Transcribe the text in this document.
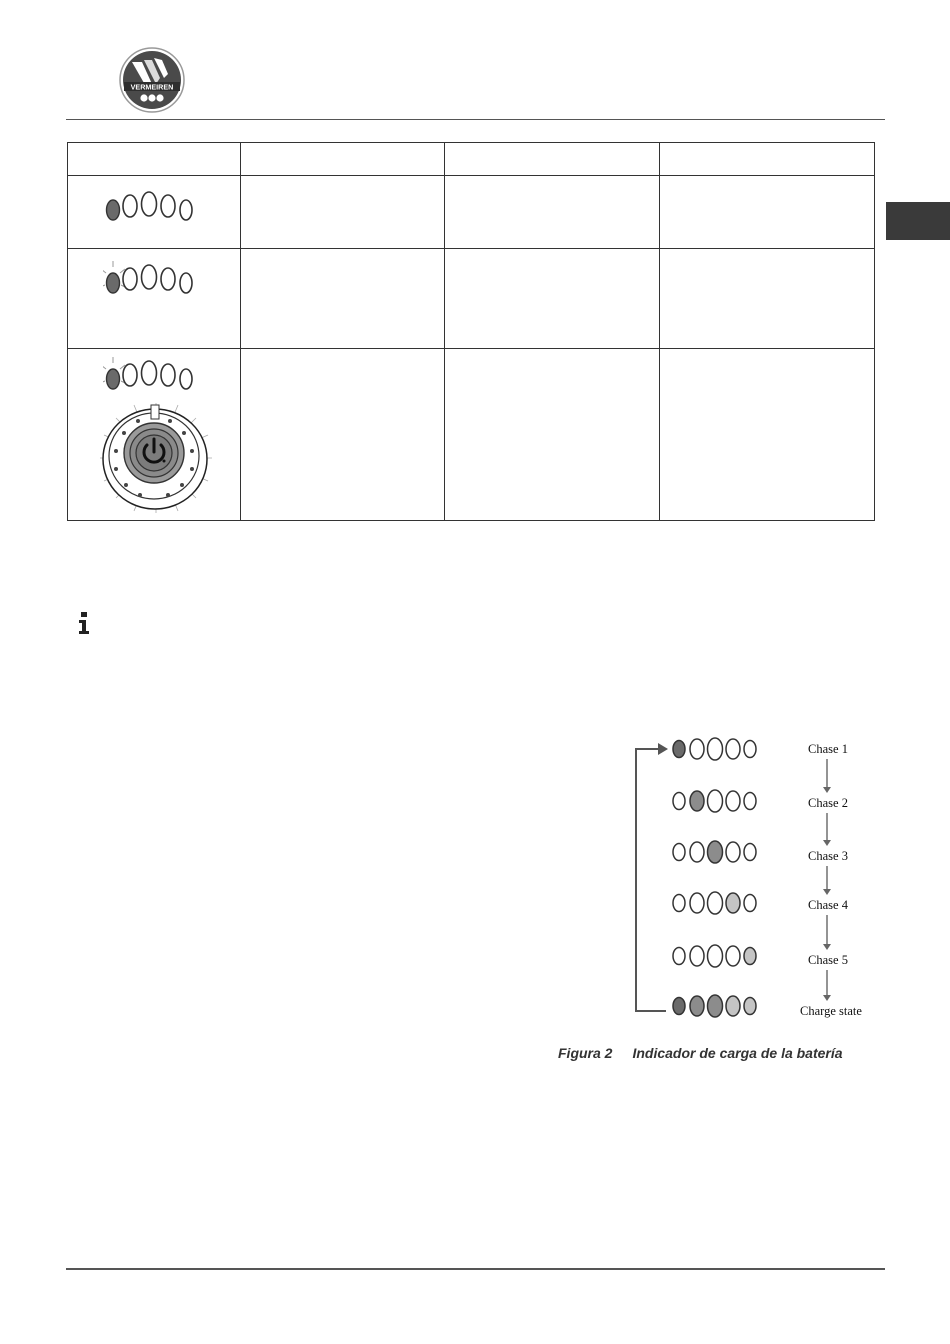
VERMEIREN

Chase 1
Chase 2
Chase 3
Chase 4
Chase 5
Charge state
Figura 2 Indicador de carga de la batería
